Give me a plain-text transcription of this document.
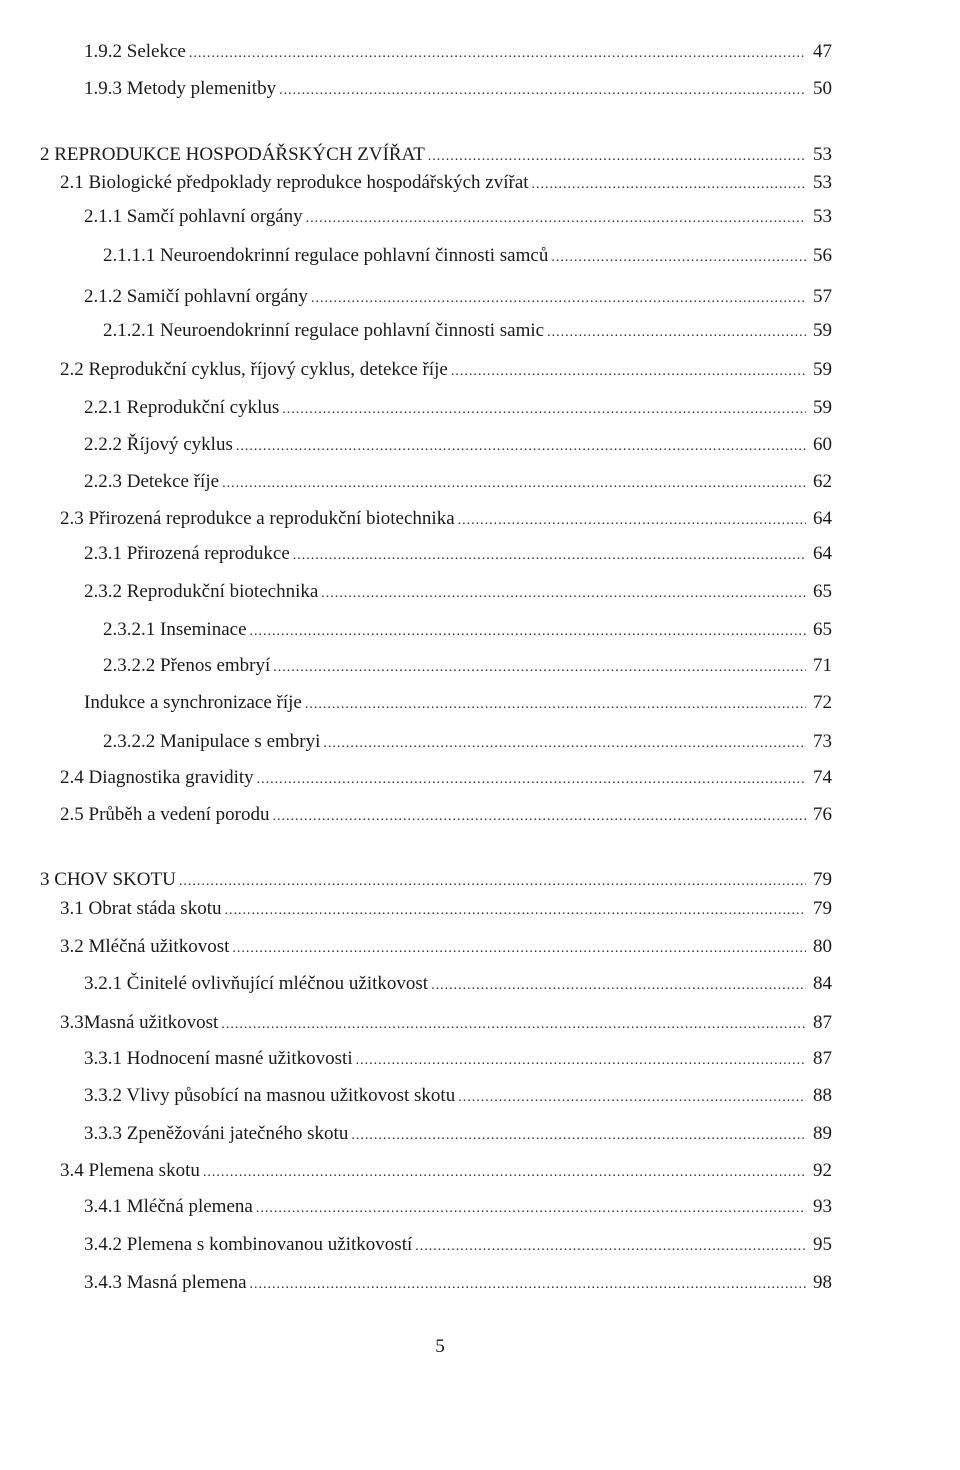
1.9.2 Selekce .....	47
1.9.3 Metody plemenitby .....	50
2 REPRODUKCE HOSPODÁŘSKÝCH ZVÍŘAT .....	53
2.1 Biologické předpoklady reprodukce hospodářských zvířat .....	53
2.1.1 Samčí pohlavní orgány .....	53
2.1.1.1 Neuroendokrinní regulace pohlavní činnosti samců .....	56
2.1.2 Samičí pohlavní orgány .....	57
2.1.2.1 Neuroendokrinní regulace pohlavní činnosti samic .....	59
2.2 Reprodukční cyklus, říjový cyklus, detekce říje .....	59
2.2.1 Reprodukční cyklus .....	59
2.2.2 Říjový cyklus .....	60
2.2.3 Detekce říje .....	62
2.3 Přirozená reprodukce a reprodukční biotechnika .....	64
2.3.1 Přirozená reprodukce .....	64
2.3.2 Reprodukční biotechnika .....	65
2.3.2.1 Inseminace .....	65
2.3.2.2 Přenos embryí .....	71
Indukce a synchronizace říje .....	72
2.3.2.2 Manipulace s embryi .....	73
2.4 Diagnostika gravidity .....	74
2.5 Průběh a vedení porodu .....	76
3 CHOV SKOTU .....	79
3.1 Obrat stáda skotu .....	79
3.2 Mléčná užitkovost .....	80
3.2.1 Činitelé ovlivňující mléčnou užitkovost .....	84
3.3Masná užitkovost .....	87
3.3.1 Hodnocení masné užitkovosti .....	87
3.3.2 Vlivy působící na masnou užitkovost skotu .....	88
3.3.3 Zpeněžováni jatečného skotu .....	89
3.4 Plemena skotu .....	92
3.4.1 Mléčná plemena .....	93
3.4.2 Plemena s kombinovanou užitkovostí .....	95
3.4.3 Masná plemena .....	98
5
